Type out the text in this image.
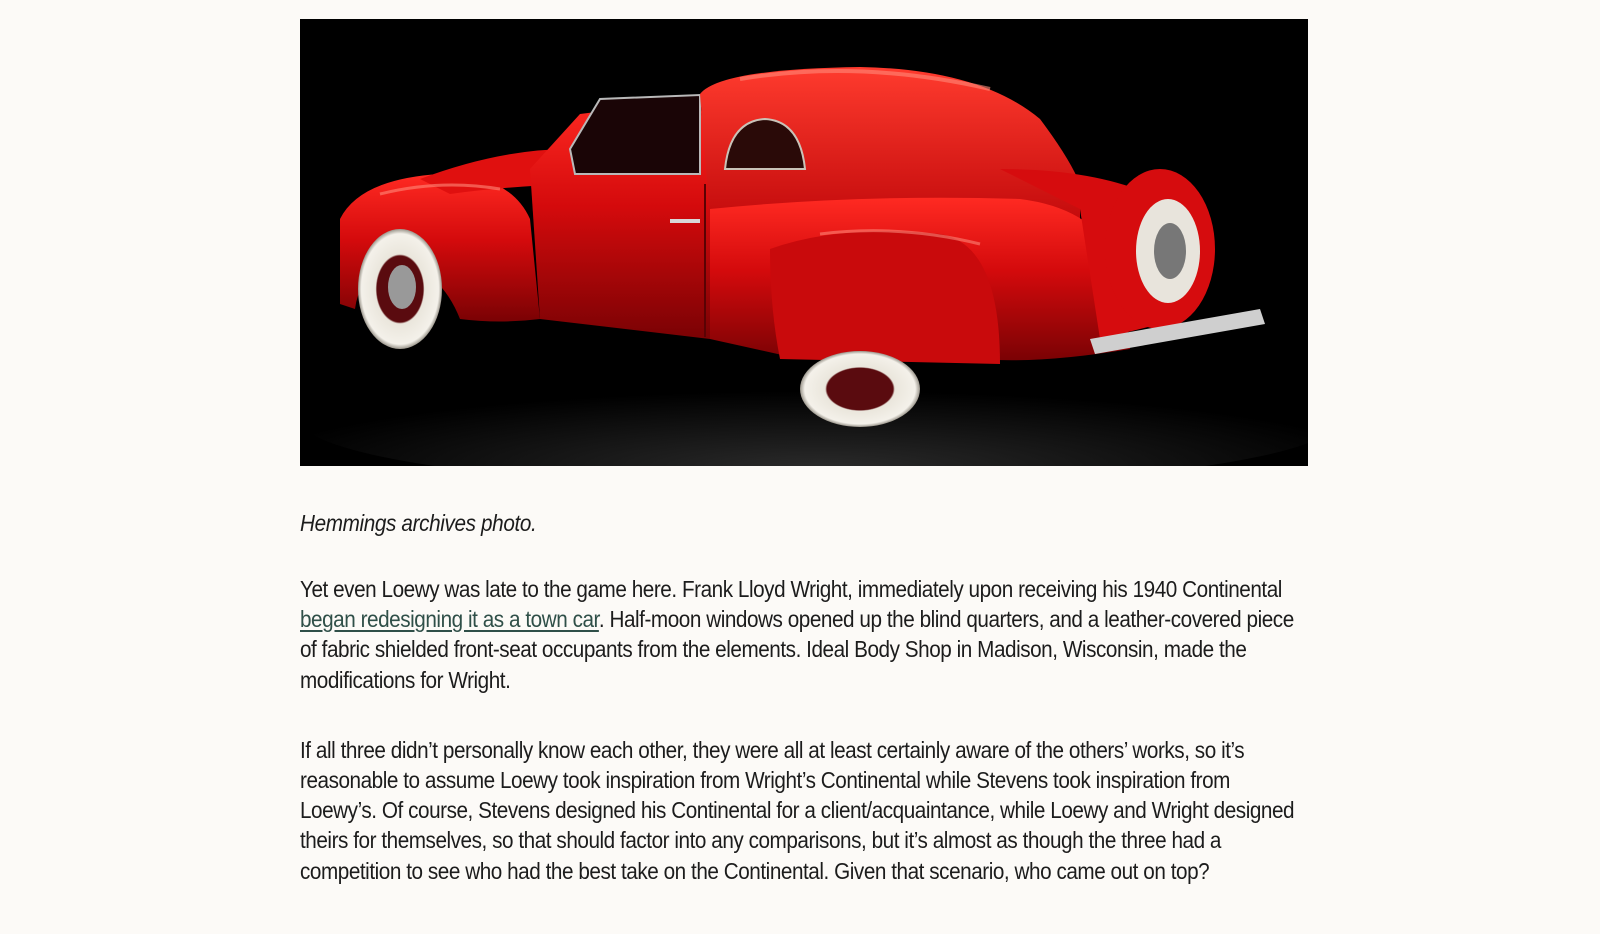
Hemmings archives photo.

Yet even Loewy was late to the game here. Frank Lloyd Wright, immediately upon receiving his 1940 Continental began redesigning it as a town car. Half-moon windows opened up the blind quarters, and a leather-covered piece of fabric shielded front-seat occupants from the elements. Ideal Body Shop in Madison, Wisconsin, made the modifications for Wright.

If all three didn’t personally know each other, they were all at least certainly aware of the others’ works, so it’s reasonable to assume Loewy took inspiration from Wright’s Continental while Stevens took inspiration from Loewy’s. Of course, Stevens designed his Continental for a client/acquaintance, while Loewy and Wright designed theirs for themselves, so that should factor into any comparisons, but it’s almost as though the three had a competition to see who had the best take on the Continental. Given that scenario, who came out on top?
